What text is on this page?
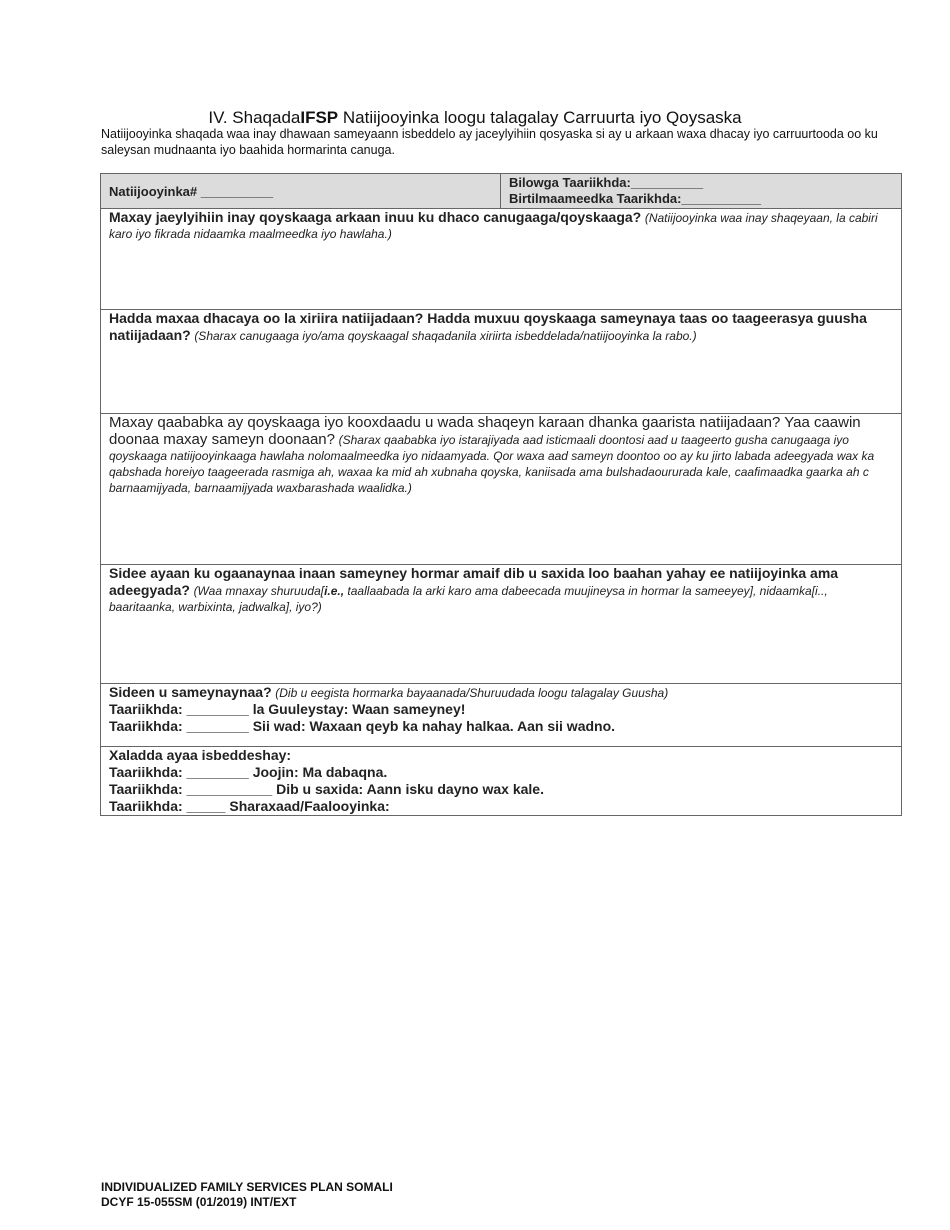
IV. ShaqadaIFSP Natiijooyinka loogu talagalay Carruurta iyo Qoysaska
Natiijooyinka shaqada waa inay dhawaan sameyaann isbeddelo ay jaceylyihiin qosyaska si ay u arkaan waxa dhacay iyo carruurtooda oo ku saleysan mudnaanta iyo baahida hormarinta canuga.
Natiijooyinka# __________	
Bilowga Taariikhda:__________
Birtilmaameedka Taarikhda:___________

Maxay jaeylyihiin inay qoyskaaga arkaan inuu ku dhaco canugaaga/qoyskaaga? (Natiijooyinka waa inay shaqeyaan, la cabiri karo iyo fikrada nidaamka maalmeedka iyo hawlaha.)
Hadda maxaa dhacaya oo la xiriira natiijadaan? Hadda muxuu qoyskaaga sameynaya taas oo taageerasya guusha natiijadaan? (Sharax canugaaga iyo/ama qoyskaagal shaqadanila xiriirta isbeddelada/natiijooyinka la rabo.)
Maxay qaababka ay qoyskaaga iyo kooxdaadu u wada shaqeyn karaan dhanka gaarista natiijadaan? Yaa caawin doonaa maxay sameyn doonaan? (Sharax qaababka iyo istarajiyada aad isticmaali doontosi aad u taageerto gusha canugaaga iyo qoyskaaga natiijooyinkaaga hawlaha nolomaalmeedka iyo nidaamyada. Qor waxa aad sameyn doontoo oo ay ku jirto labada adeegyada wax ka qabshada horeiyo taageerada rasmiga ah, waxaa ka mid ah xubnaha qoyska, kaniisada ama bulshadaoururada kale, caafimaadka gaarka ah c barnaamijyada, barnaamijyada waxbarashada waalidka.)
Sidee ayaan ku ogaanaynaa inaan sameyney hormar amaif dib u saxida loo baahan yahay ee natiijoyinka ama adeegyada? (Waa mnaxay shuruuda[i.e., taallaabada la arki karo ama dabeecada muujineysa in hormar la sameeyey], nidaamka[i.., baaritaanka, warbixinta, jadwalka], iyo?)

Sideen u sameynaynaa? (Dib u eegista hormarka bayaanada/Shuruudada loogu talagalay Guusha)
Taariikhda: ________ la Guuleystay: Waan sameyney!
Taariikhda: ________ Sii wad: Waxaan qeyb ka nahay halkaa. Aan sii wadno.

Xaladda ayaa isbeddeshay:
Taariikhda: ________ Joojin: Ma dabaqna.
Taariikhda: ___________ Dib u saxida: Aann isku dayno wax kale.
Taariikhda: _____ Sharaxaad/Faalooyinka:
INDIVIDUALIZED FAMILY SERVICES PLAN SOMALI
DCYF 15-055SM (01/2019) INT/EXT
